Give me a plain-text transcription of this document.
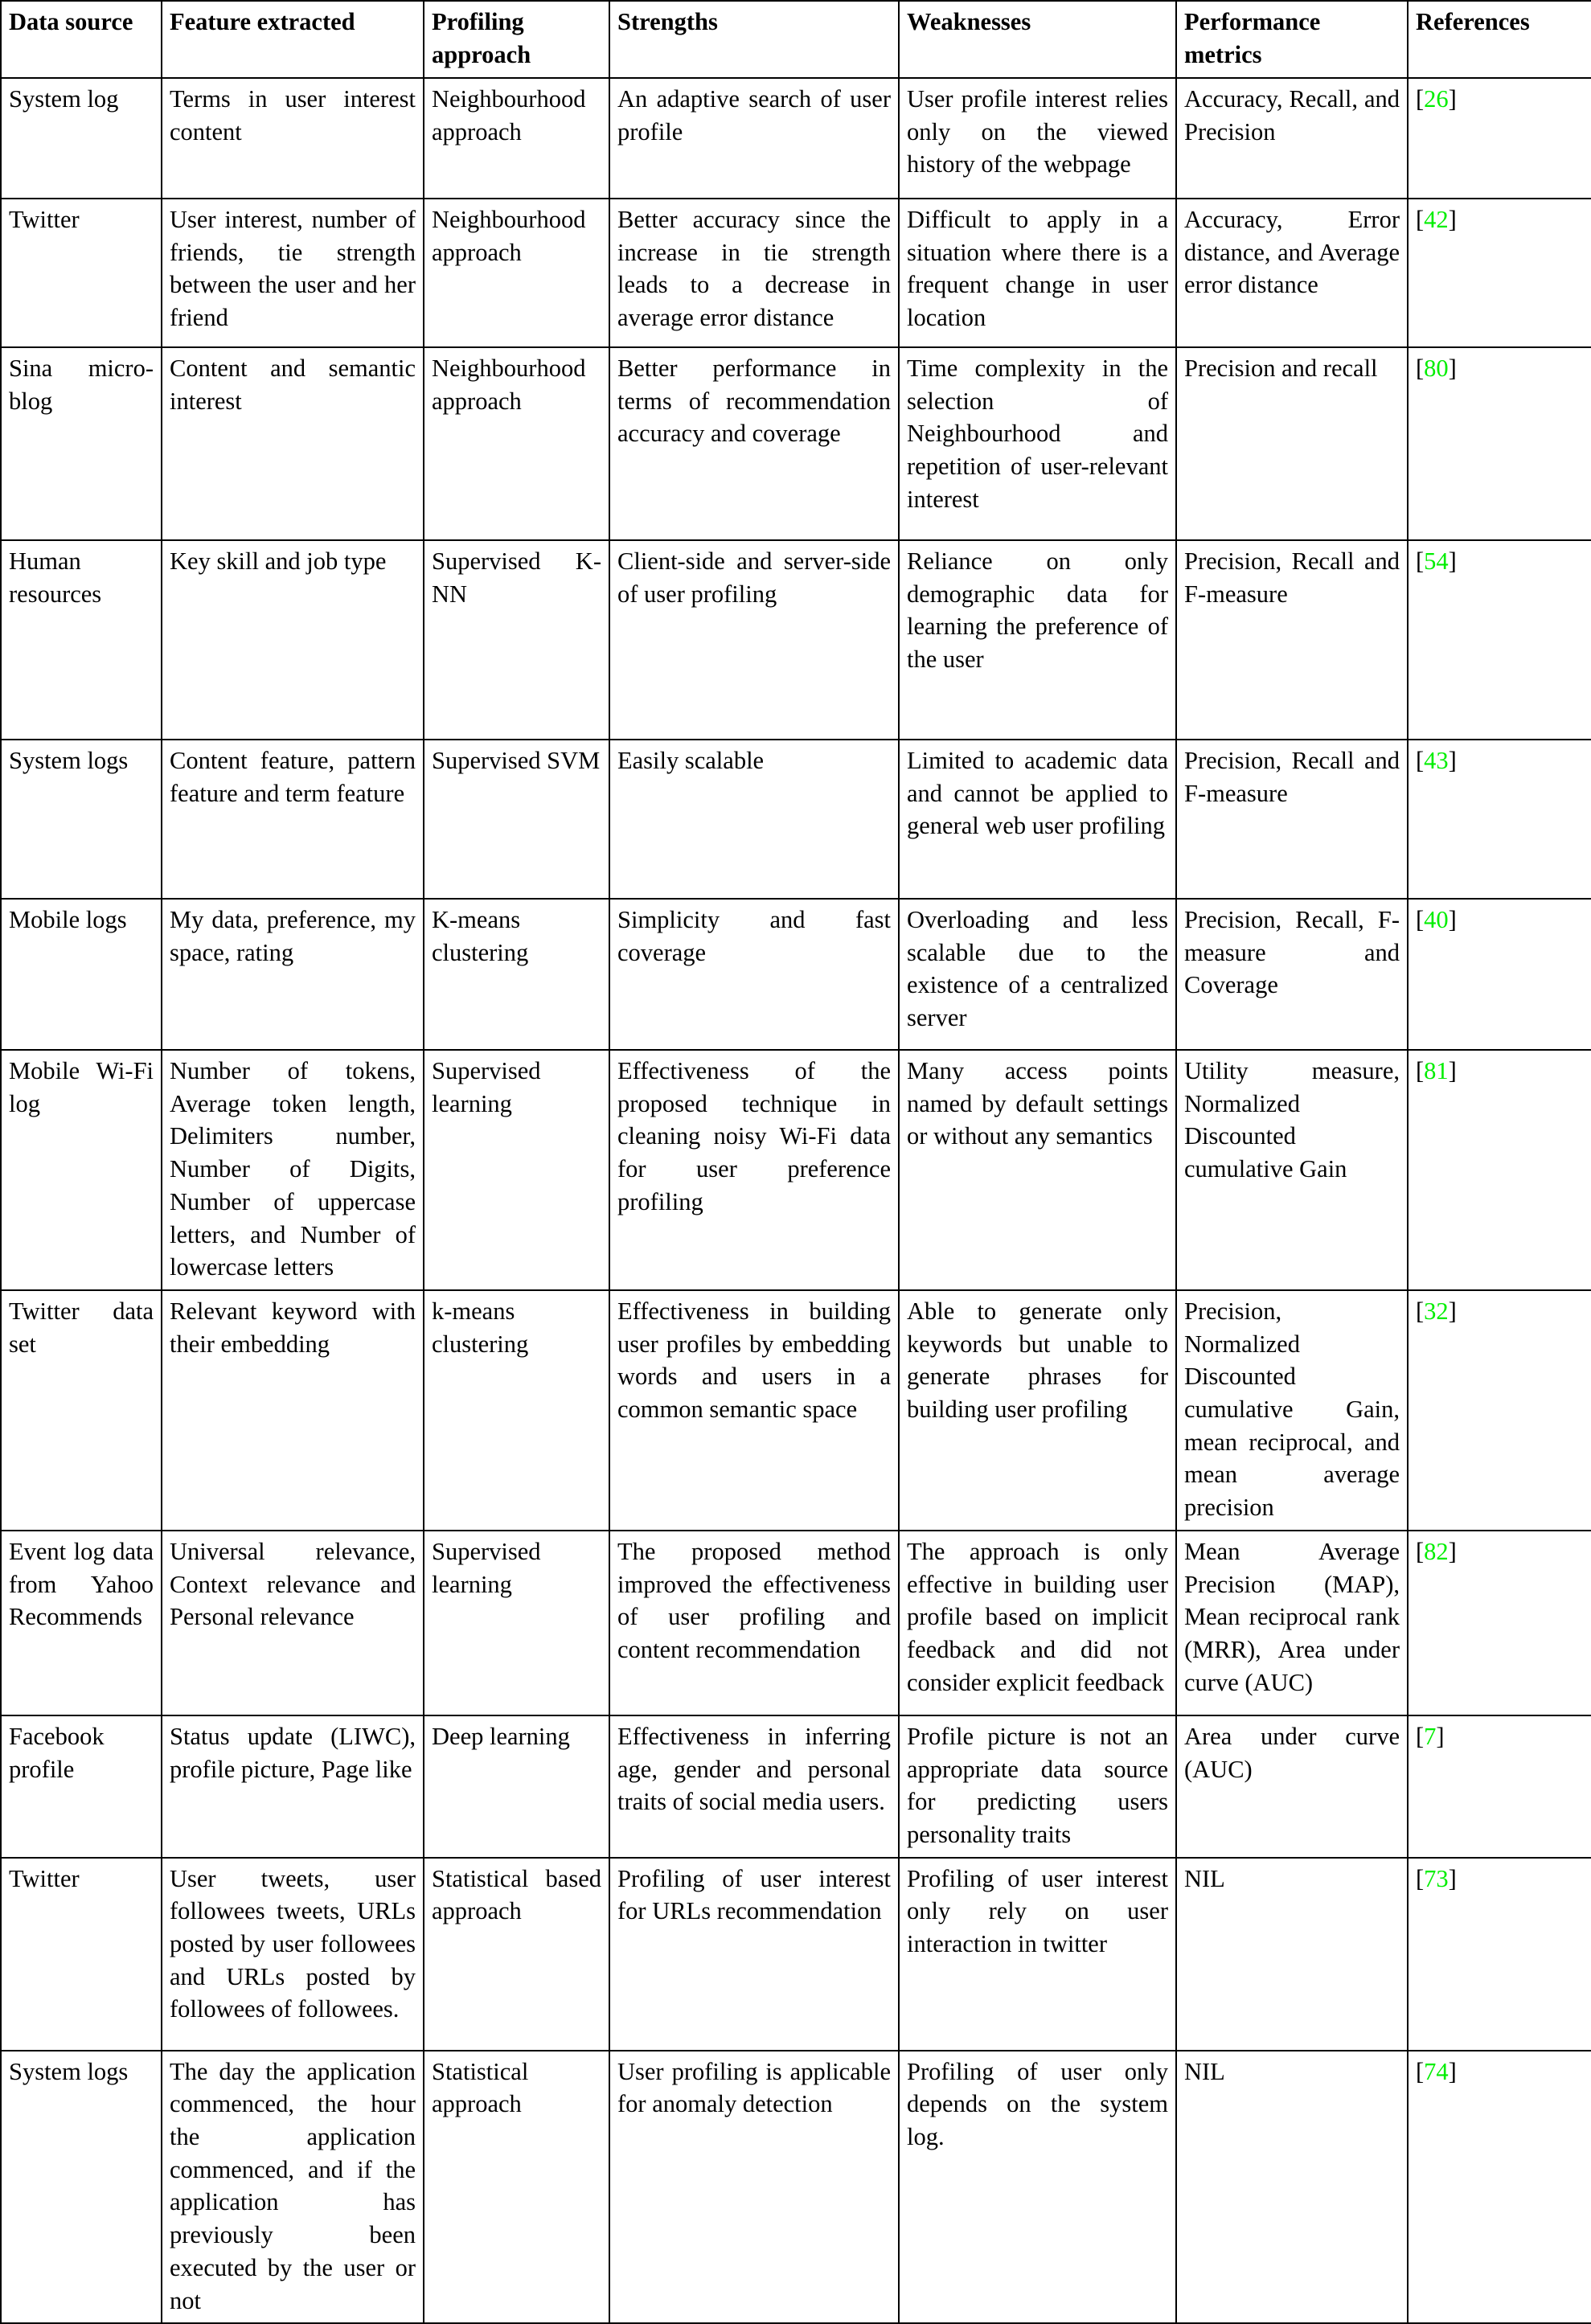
Data source	Feature extracted	Profiling approach	Strengths	Weaknesses	Performance metrics	References

System log	Terms in user interest content	Neighbourhood approach	An adaptive search of user profile	User profile interest relies only on the viewed history of the webpage	Accuracy, Recall, and Precision	[26]

Twitter	User interest, number of friends, tie strength between the user and her friend	Neighbourhood approach	Better accuracy since the increase in tie strength leads to a decrease in average error distance	Difficult to apply in a situation where there is a frequent change in user location	Accuracy, Error distance, and Average error distance	[42]

Sina micro-blog	Content and semantic interest	Neighbourhood approach	Better performance in terms of recommendation accuracy and coverage	Time complexity in the selection of Neighbourhood and repetition of user-relevant interest	Precision and recall	[80]

Human resources	Key skill and job type	Supervised K-NN	Client-side and server-side of user profiling	Reliance on only demographic data for learning the preference of the user	Precision, Recall and F-measure	[54]

System logs	Content feature, pattern feature and term feature	Supervised SVM	Easily scalable	Limited to academic data and cannot be applied to general web user profiling	Precision, Recall and F-measure	[43]

Mobile logs	My data, preference, my space, rating	K-means clustering	Simplicity and fast coverage	Overloading and less scalable due to the existence of a centralized server	Precision, Recall, F-measure and Coverage	[40]

Mobile Wi-Fi log	Number of tokens, Average token length, Delimiters number, Number of Digits, Number of uppercase letters, and Number of lowercase letters	Supervised learning	Effectiveness of the proposed technique in cleaning noisy Wi-Fi data for user preference profiling	Many access points named by default settings or without any semantics	Utility measure, Normalized Discounted cumulative Gain	[81]

Twitter data set	Relevant keyword with their embedding	k-means clustering	Effectiveness in building user profiles by embedding words and users in a common semantic space	Able to generate only keywords but unable to generate phrases for building user profiling	Precision, Normalized Discounted cumulative Gain, mean reciprocal, and mean average precision	[32]

Event log data from Yahoo Recommends	Universal relevance, Context relevance and Personal relevance	Supervised learning	The proposed method improved the effectiveness of user profiling and content recommendation	The approach is only effective in building user profile based on implicit feedback and did not consider explicit feedback	Mean Average Precision (MAP), Mean reciprocal rank (MRR), Area under curve (AUC)	[82]

Facebook profile	Status update (LIWC), profile picture, Page like	Deep learning	Effectiveness in inferring age, gender and personal traits of social media users.	Profile picture is not an appropriate data source for predicting users personality traits	Area under curve (AUC)	[7]

Twitter	User tweets, user followees tweets, URLs posted by user followees and URLs posted by followees of followees.	Statistical based approach	Profiling of user interest for URLs recommendation	Profiling of user interest only rely on user interaction in twitter	NIL	[73]

System logs	The day the application commenced, the hour the application commenced, and if the application has previously been executed by the user or not	Statistical approach	User profiling is applicable for anomaly detection	Profiling of user only depends on the system log.	NIL	[74]
